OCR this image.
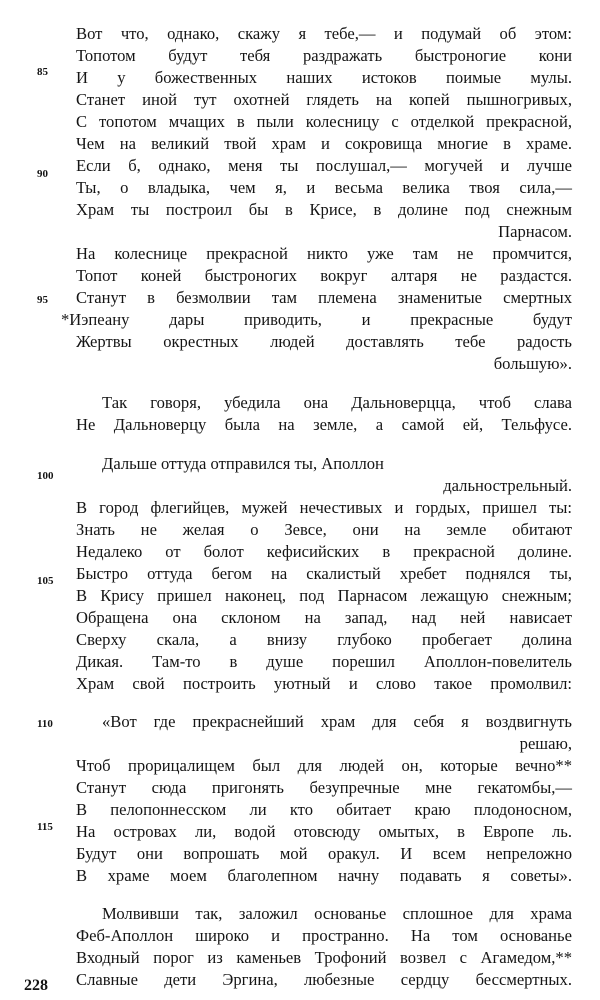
85
90
95
100
105
110
115
Вот что, однако, скажу я тебе,— и подумай об этом:
Топотом будут тебя раздражать быстроногие кони
И у божественных наших истоков поимые мулы.
Станет иной тут охотней глядеть на копей пышногривых,
С топотом мчащих в пыли колесницу с отделкой прекрасной,
Чем на великий твой храм и сокровища многие в храме.
Если б, однако, меня ты послушал,— могучей и лучше
Ты, о владыка, чем я, и весьма велика твоя сила,—
Храм ты построил бы в Крисе, в долине под снежным
Парнасом.
На колеснице прекрасной никто уже там не промчится,
Топот коней быстроногих вокруг алтаря не раздастся.
Станут в безмолвии там племена знаменитые смертных
*Иэпеану дары приводить, и прекрасные будут
Жертвы окрестных людей доставлять тебе радость
большую».
Так говоря, убедила она Дальноверцца, чтоб слава
Не Дальноверцу была на земле, а самой ей, Тельфусе.
Дальше оттуда отправился ты, Аполлон
дальнострельный.
В город флегийцев, мужей нечестивых и гордых, пришел ты:
Знать не желая о Зевсе, они на земле обитают
Недалеко от болот кефисийских в прекрасной долине.
Быстро оттуда бегом на скалистый хребет поднялся ты,
В Крису пришел наконец, под Парнасом лежащую снежным;
Обращена она склоном на запад, над ней нависает
Сверху скала, а внизу глубоко пробегает долина
Дикая. Там-то в душе порешил Аполлон-повелитель
Храм свой построить уютный и слово такое промолвил:
«Вот где прекраснейший храм для себя я воздвигнуть
решаю,
Чтоб прорицалищем был для людей он, которые вечно**
Станут сюда пригонять безупречные мне гекатомбы,—
В пелопоннесском ли кто обитает краю плодоносном,
На островах ли, водой отовсюду омытых, в Европе ль.
Будут они вопрошать мой оракул. И всем непреложно
В храме моем благолепном начну подавать я советы».
Молвивши так, заложил основанье сплошное для храма
Феб-Аполлон широко и пространно. На том основанье
Входный порог из каменьев Трофоний возвел с Агамедом,**
Славные дети Эргина, любезные сердцу бессмертных.
228
